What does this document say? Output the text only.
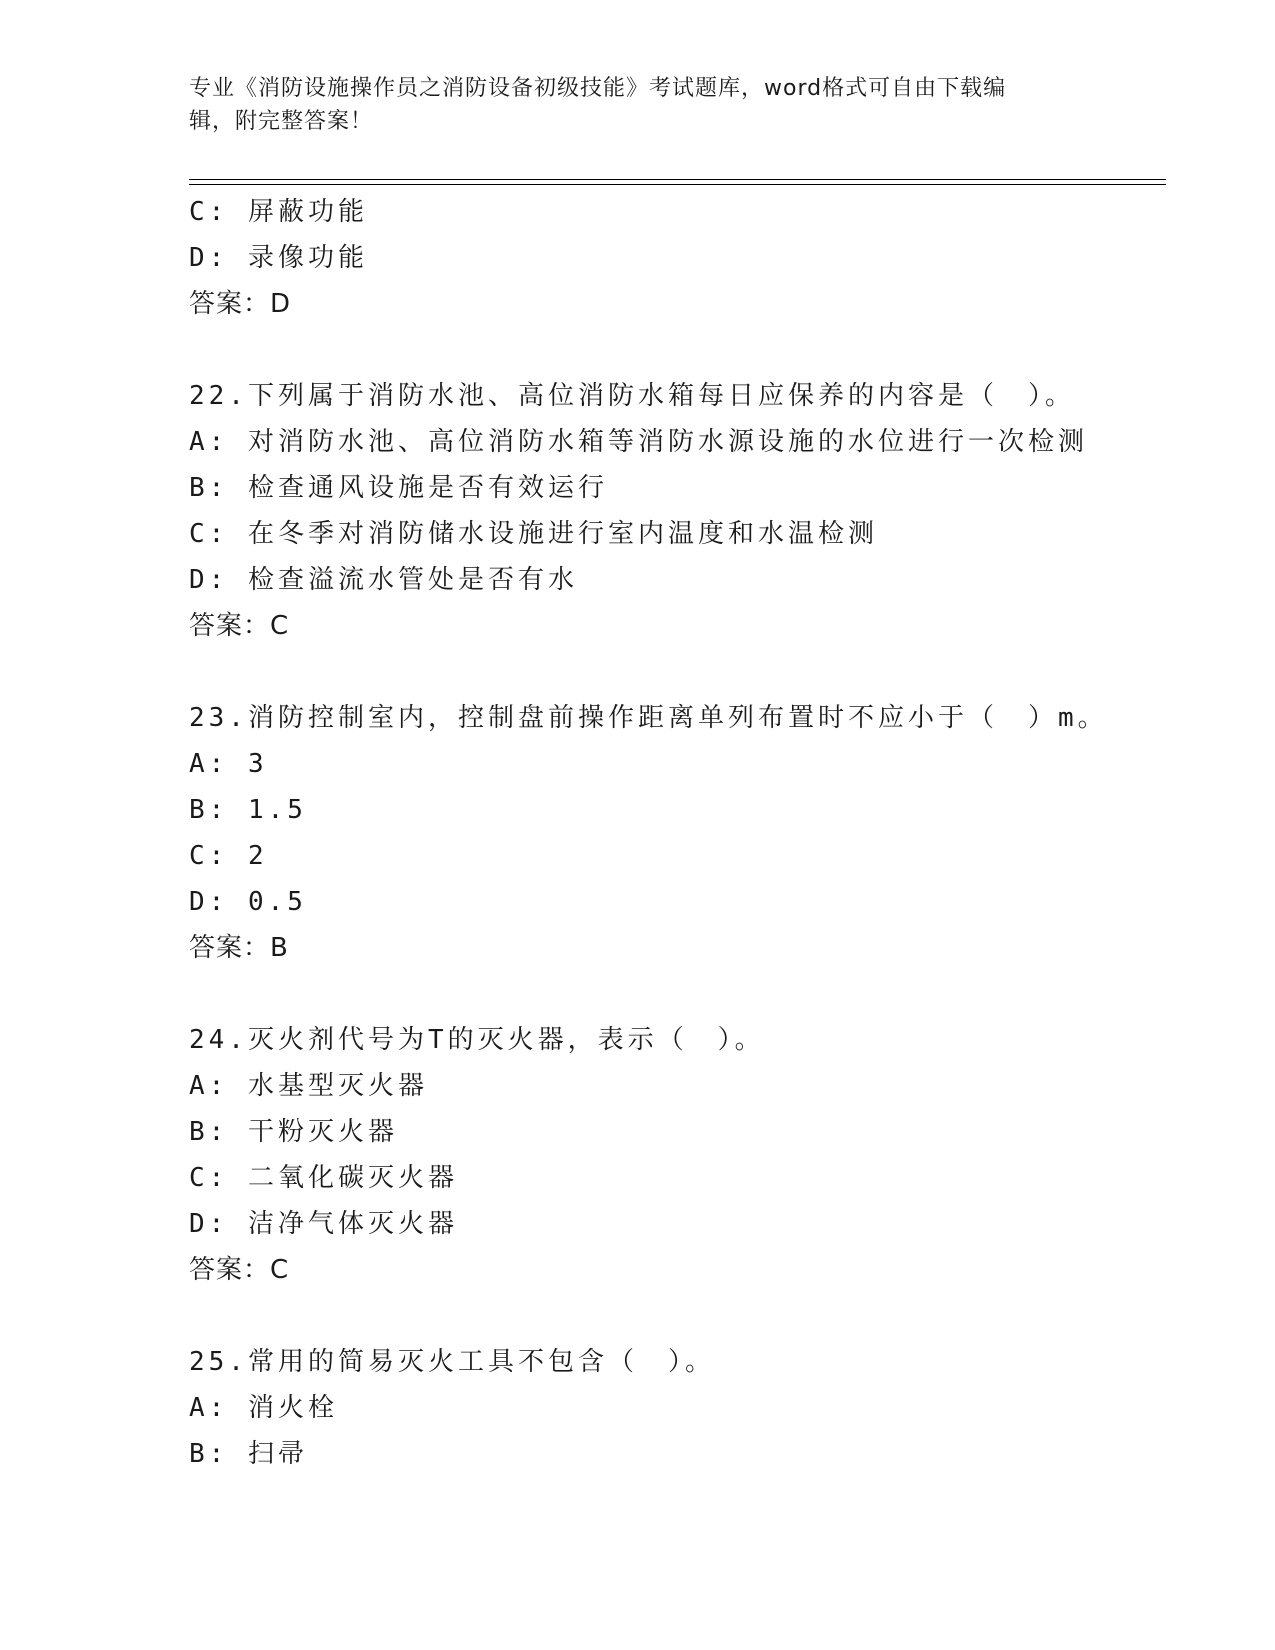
专业《消防设施操作员之消防设备初级技能》考试题库，word格式可自由下载编
辑，附完整答案！
C: 屏蔽功能
D: 录像功能
答案：D
22.下列属于消防水池、高位消防水箱每日应保养的内容是（　）。
A: 对消防水池、高位消防水箱等消防水源设施的水位进行一次检测
B: 检查通风设施是否有效运行
C: 在冬季对消防储水设施进行室内温度和水温检测
D: 检查溢流水管处是否有水
答案：C
23.消防控制室内，控制盘前操作距离单列布置时不应小于（　）m。
A: 3
B: 1.5
C: 2
D: 0.5
答案：B
24.灭火剂代号为T的灭火器，表示（　）。
A: 水基型灭火器
B: 干粉灭火器
C: 二氧化碳灭火器
D: 洁净气体灭火器
答案：C
25.常用的简易灭火工具不包含（　）。
A: 消火栓
B: 扫帚
